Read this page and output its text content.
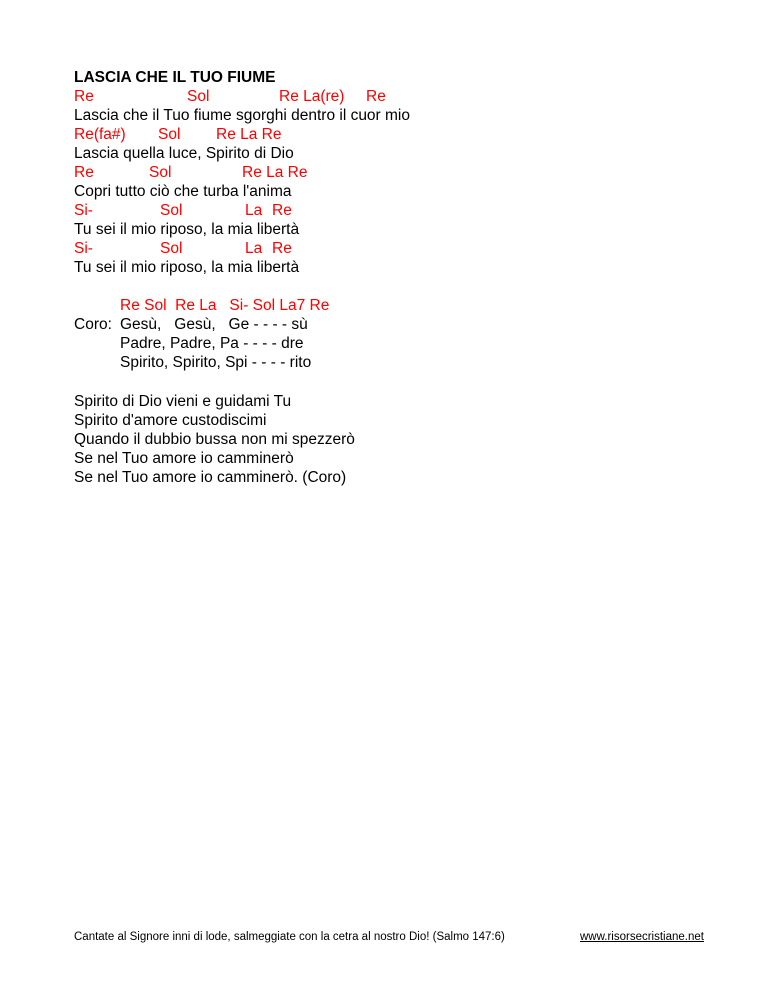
LASCIA CHE IL TUO FIUME

Re

	Sol

	Re La(re)

Re

Lascia che il Tuo fiume sgorghi dentro il cuor mio

Re(fa#)

Sol

Re La Re

Lascia quella luce, Spirito di Dio

Re

	Sol

	Re La Re

Copri tutto ciò che turba l'anima

Si-

	Sol

	La

Re

Tu sei il mio riposo, la mia libertà

Si-

	Sol

	La

Re

Tu sei il mio riposo, la mia libertà
Re Sol  Re La   Si- Sol La7 Re
Coro: Gesù,   Gesù,   Ge - - - - sù
Padre, Padre, Pa - - - - dre
Spirito, Spirito, Spi - - - - rito
Spirito di Dio vieni e guidami Tu
Spirito d'amore custodiscimi
Quando il dubbio bussa non mi spezzerò
Se nel Tuo amore io camminerò
Se nel Tuo amore io camminerò. (Coro)
Cantate al Signore inni di lode, salmeggiate con la cetra al nostro Dio! (Salmo 147:6)	www.risorsecristiane.net
